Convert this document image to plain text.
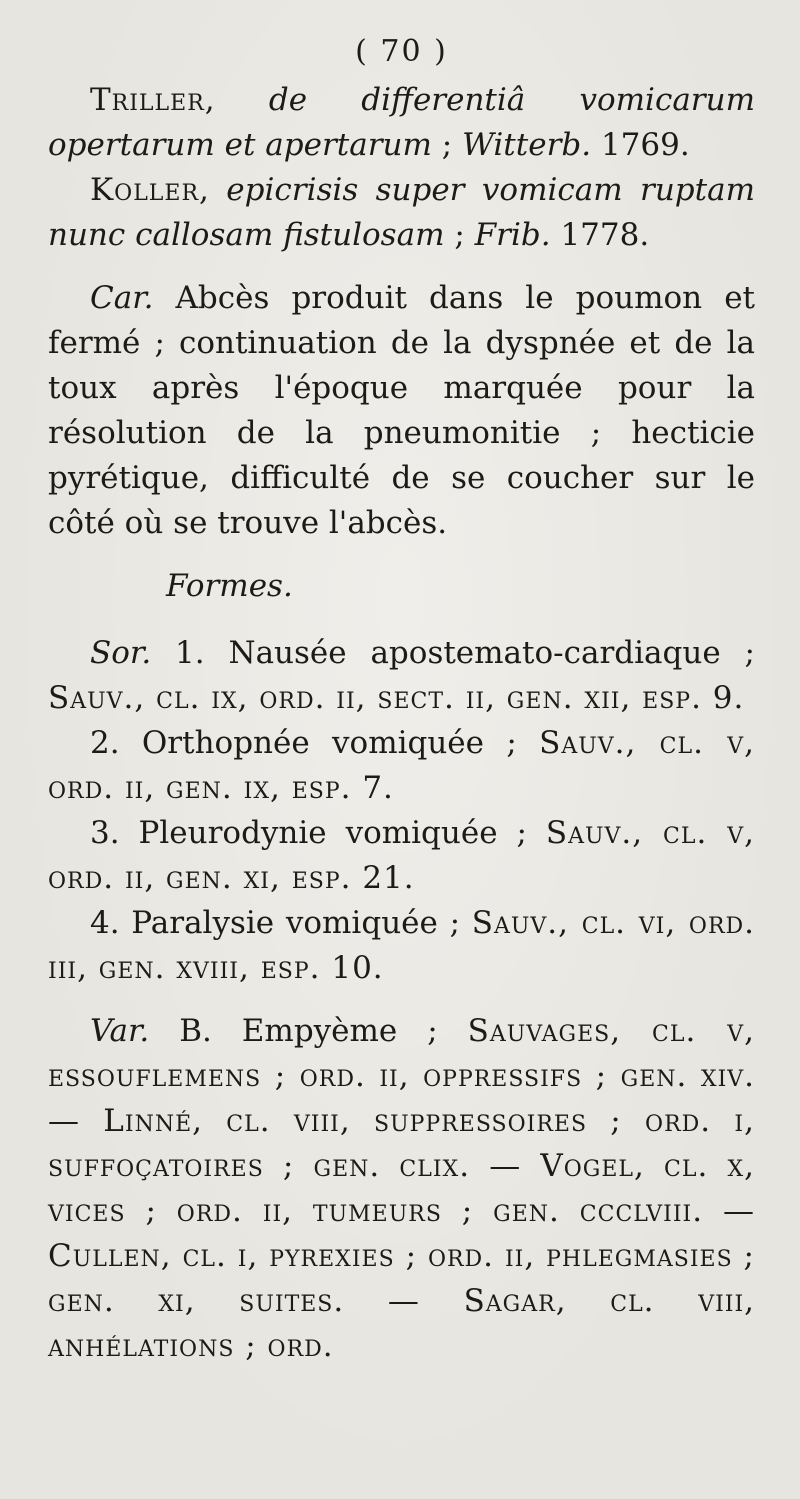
( 70 )

Triller, de differentiâ vomicarum opertarum et apertarum ; Witterb. 1769.

Koller, epicrisis super vomicam ruptam nunc callosam fistulosam ; Frib. 1778.

Car. Abcès produit dans le poumon et fermé ; continuation de la dyspnée et de la toux après l'époque marquée pour la résolution de la pneumonitie ; hecticie pyrétique, difficulté de se coucher sur le côté où se trouve l'abcès.

Formes.

Sor. 1. Nausée apostemato-cardiaque ; Sauv., cl. ix, ord. ii, sect. ii, gen. xii, esp. 9.

2. Orthopnée vomiquée ; Sauv., cl. v, ord. ii, gen. ix, esp. 7.

3. Pleurodynie vomiquée ; Sauv., cl. v, ord. ii, gen. xi, esp. 21.

4. Paralysie vomiquée ; Sauv., cl. vi, ord. iii, gen. xviii, esp. 10.

Var. B. Empyème ; Sauvages, cl. v, essouflemens ; ord. ii, oppressifs ; gen. xiv. — Linné, cl. viii, suppressoires ; ord. i, suffoçatoires ; gen. clix. — Vogel, cl. x, vices ; ord. ii, tumeurs ; gen. ccclviii. — Cullen, cl. i, pyrexies ; ord. ii, phlegmasies ; gen. xi, suites. — Sagar, cl. viii, anhélations ; ord.
